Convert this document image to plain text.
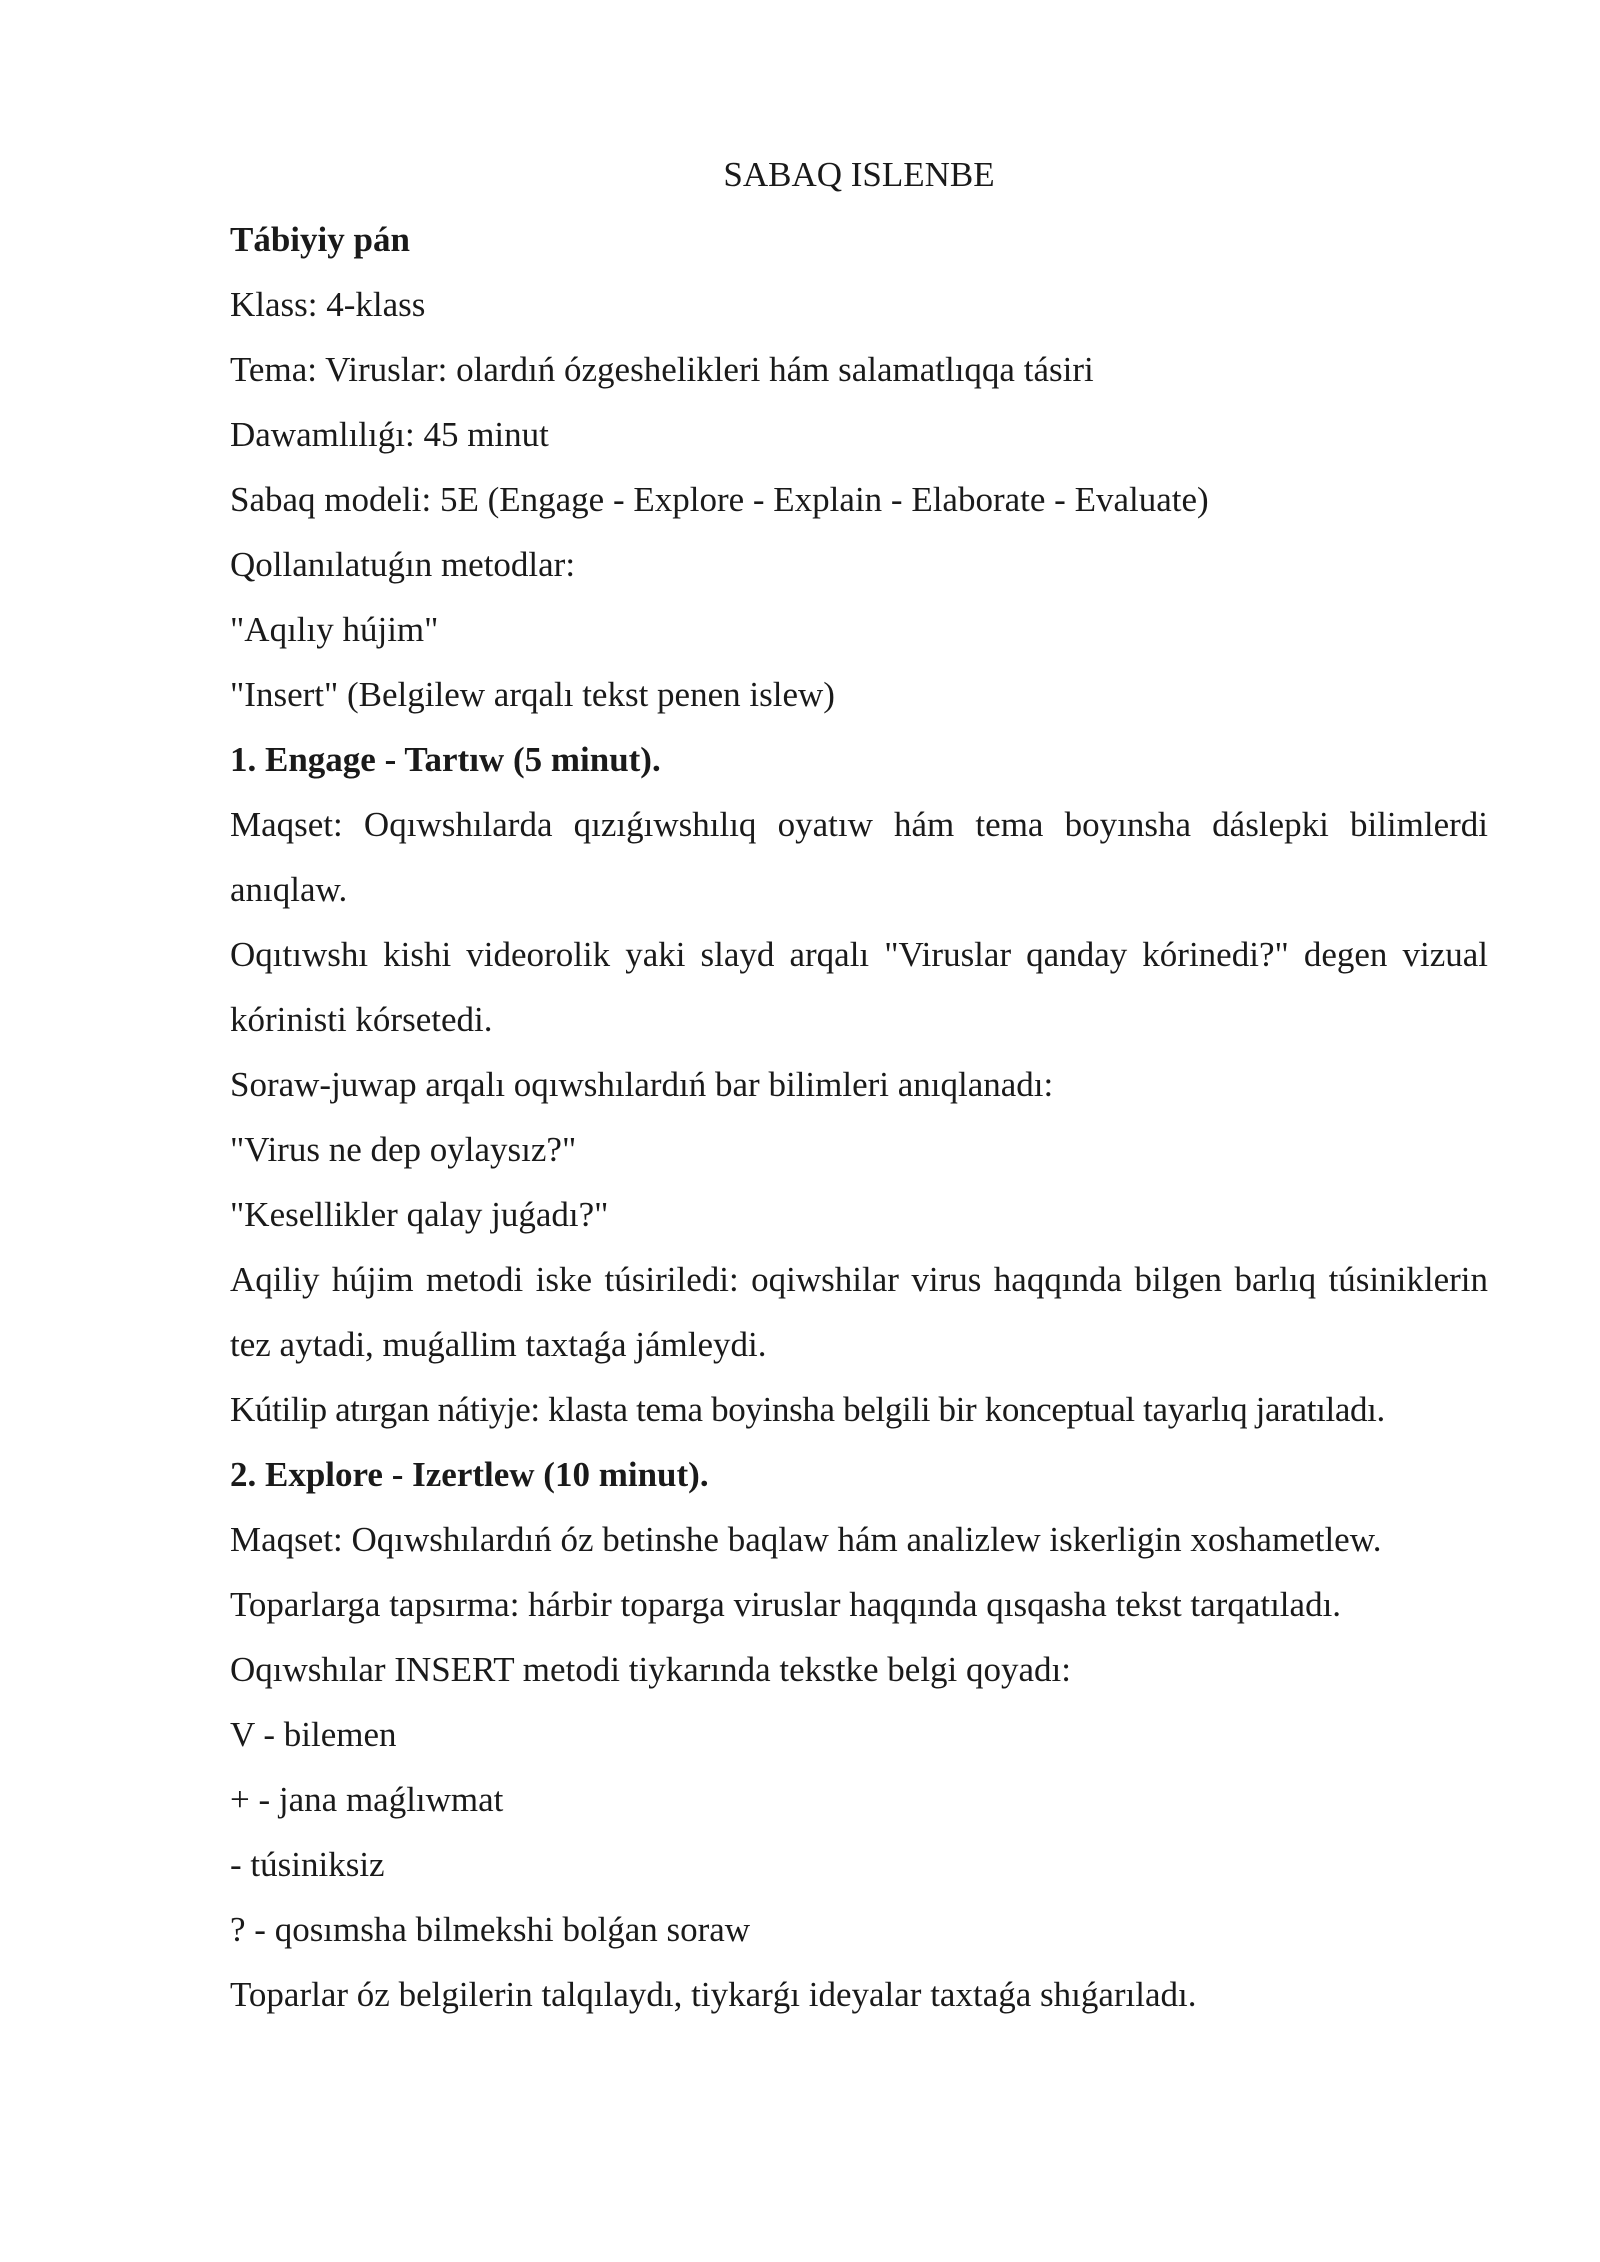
SABAQ ISLENBE
Tábiyiy pán
Klass: 4-klass
Tema: Viruslar: olardıń ózgeshelikleri hám salamatlıqqa tásiri
Dawamlılıǵı: 45 minut
Sabaq modeli: 5E (Engage - Explore - Explain - Elaborate - Evaluate)
Qollanılatuǵın metodlar:
"Aqılıy hújim"
"Insert" (Belgilew arqalı tekst penen islew)
1. Engage - Tartıw (5 minut).
Maqset: Oqıwshılarda qızıǵıwshılıq oyatıw hám tema boyınsha dáslepki bilimlerdi anıqlaw.
Oqıtıwshı kishi videorolik yaki slayd arqalı "Viruslar qanday kórinedi?" degen vizual kórinisti kórsetedi.
Soraw-juwap arqalı oqıwshılardıń bar bilimleri anıqlanadı:
"Virus ne dep oylaysız?"
"Kesellikler qalay juǵadı?"
Aqiliy hújim metodi iske túsiriledi: oqiwshilar virus haqqında bilgen barlıq túsiniklerin tez aytadi, muǵallim taxtaǵa jámleydi.
Kútilip atırgan nátiyje: klasta tema boyinsha belgili bir konceptual tayarlıq jaratıladı.
2. Explore - Izertlew (10 minut).
Maqset: Oqıwshılardıń óz betinshe baqlaw hám analizlew iskerligin xoshametlew.
Toparlarga tapsırma: hárbir toparga viruslar haqqında qısqasha tekst tarqatıladı.
Oqıwshılar INSERT metodi tiykarında tekstke belgi qoyadı:
V - bilemen
+ - jana maǵlıwmat
- túsiniksiz
? - qosımsha bilmekshi bolǵan soraw
Toparlar óz belgilerin talqılaydı, tiykarǵı ideyalar taxtaǵa shıǵarıladı.
